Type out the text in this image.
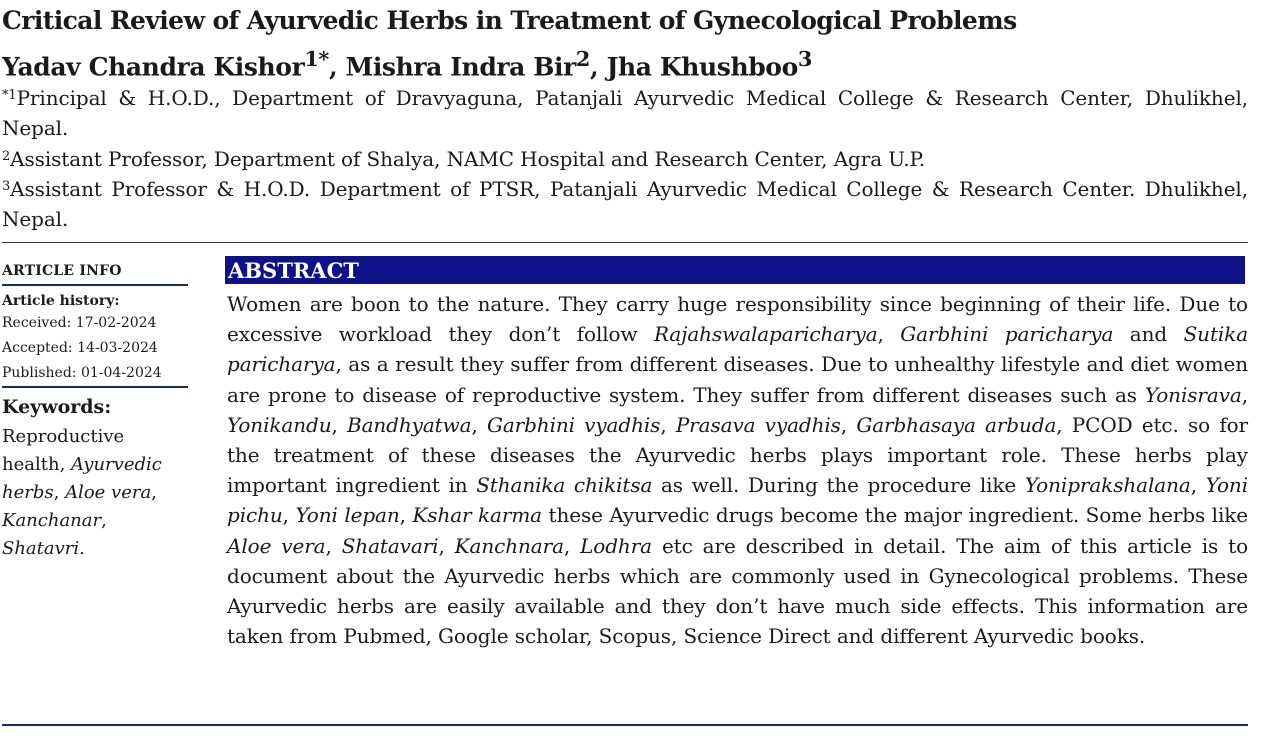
Critical Review of Ayurvedic Herbs in Treatment of Gynecological Problems
Yadav Chandra Kishor$^{1*}$, Mishra Indra Bir$^2$, Jha Khushboo$^3$
$^{*1}$Principal & H.O.D., Department of Dravyaguna, Patanjali Ayurvedic Medical College & Research Center, Dhulikhel, Nepal.
$^2$Assistant Professor, Department of Shalya, NAMC Hospital and Research Center, Agra U.P.
$^3$Assistant Professor & H.O.D. Department of PTSR, Patanjali Ayurvedic Medical College & Research Center. Dhulikhel, Nepal.
ARTICLE INFO
Article history:
Received: 17-02-2024
Accepted: 14-03-2024
Published: 01-04-2024
Keywords:
Reproductive health, Ayurvedic herbs, Aloe vera, Kanchanar, Shatavri.
ABSTRACT
Women are boon to the nature. They carry huge responsibility since beginning of their life. Due to excessive workload they don’t follow Rajahswalaparicharya, Garbhini paricharya and Sutika paricharya, as a result they suffer from different diseases. Due to unhealthy lifestyle and diet women are prone to disease of reproductive system. They suffer from different diseases such as Yonisrava, Yonikandu, Bandhyatwa, Garbhini vyadhis, Prasava vyadhis, Garbhasaya arbuda, PCOD etc. so for the treatment of these diseases the Ayurvedic herbs plays important role. These herbs play important ingredient in Sthanika chikitsa as well. During the procedure like Yoniprakshalana, Yoni pichu, Yoni lepan, Kshar karma these Ayurvedic drugs become the major ingredient. Some herbs like Aloe vera, Shatavari, Kanchnara, Lodhra etc are described in detail. The aim of this article is to document about the Ayurvedic herbs which are commonly used in Gynecological problems. These Ayurvedic herbs are easily available and they don’t have much side effects. This information are taken from Pubmed, Google scholar, Scopus, Science Direct and different Ayurvedic books.
